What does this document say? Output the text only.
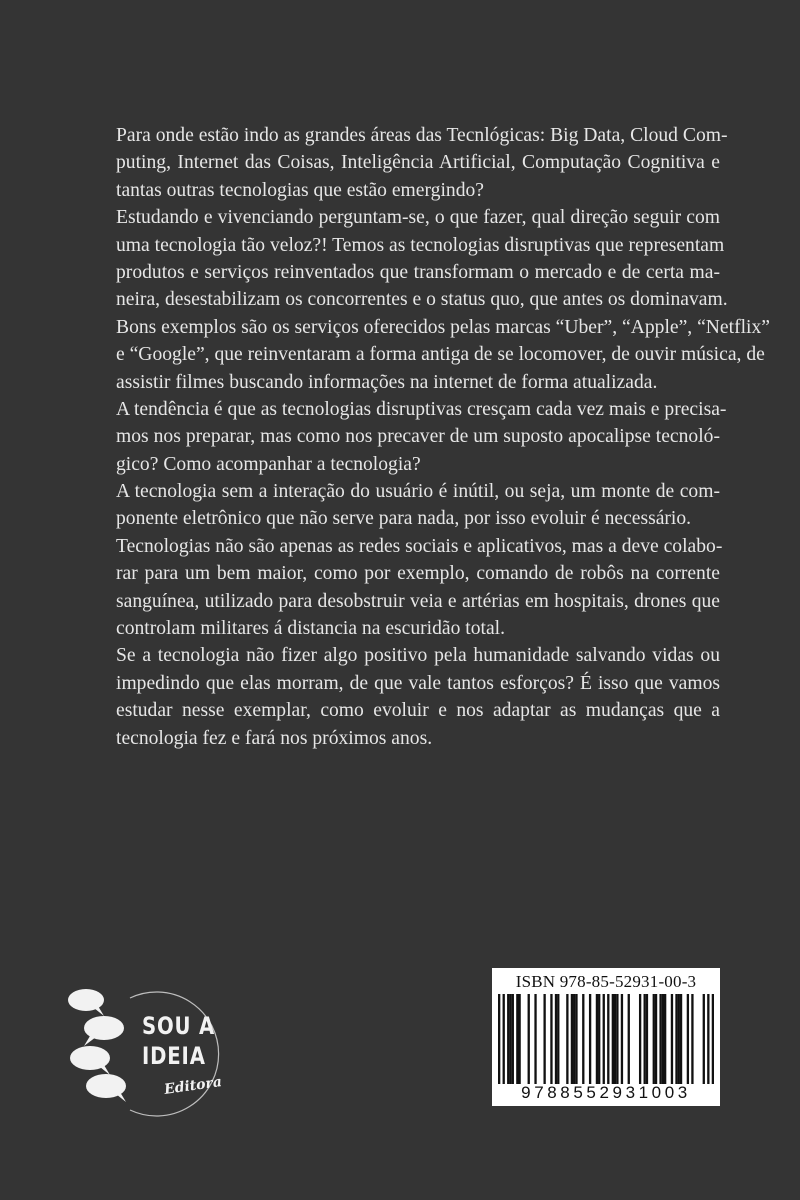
Para onde estão indo as grandes áreas das Tecnlógicas: Big Data, Cloud Com-
puting, Internet das Coisas, Inteligência Artificial, Computação Cognitiva e
tantas outras tecnologias que estão emergindo?
Estudando e vivenciando perguntam-se, o que fazer, qual direção seguir com
uma tecnologia tão veloz?! Temos as tecnologias disruptivas que representam
produtos e serviços reinventados que transformam o mercado e de certa ma-
neira, desestabilizam os concorrentes e o status quo, que antes os dominavam.
Bons exemplos são os serviços oferecidos pelas marcas “Uber”, “Apple”, “Netflix”
e “Google”, que reinventaram a forma antiga de se locomover, de ouvir música, de
assistir filmes buscando informações na internet de forma atualizada.
A tendência é que as tecnologias disruptivas cresçam cada vez mais e precisa-
mos nos preparar, mas como nos precaver de um suposto apocalipse tecnoló-
gico? Como acompanhar a tecnologia?
A tecnologia sem a interação do usuário é inútil, ou seja, um monte de com-
ponente eletrônico que não serve para nada, por isso evoluir é necessário.
Tecnologias não são apenas as redes sociais e aplicativos, mas a deve colabo-
rar para um bem maior, como por exemplo, comando de robôs na corrente
sanguínea, utilizado para desobstruir veia e artérias em hospitais, drones que
controlam militares á distancia na escuridão total.
Se a tecnologia não fizer algo positivo pela humanidade salvando vidas ou
impedindo que elas morram, de que vale tantos esforços? É isso que vamos
estudar nesse exemplar, como evoluir e nos adaptar as mudanças que a
tecnologia fez e fará nos próximos anos.
SOU A
IDEIA
Editora
ISBN 978-85-52931-00-3
9788552931003
